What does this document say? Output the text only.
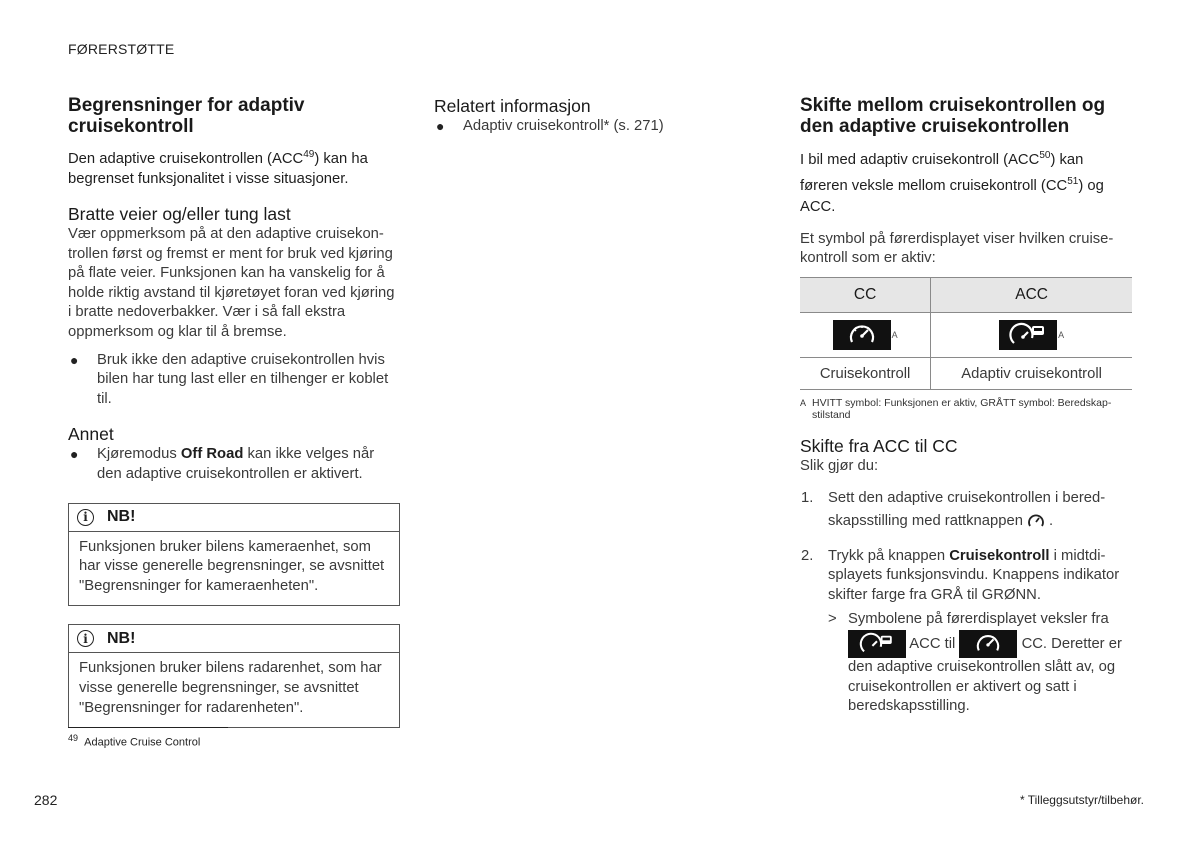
FØRERSTØTTE
Begrensninger for adaptiv cruisekontroll

Den adaptive cruisekontrollen (ACC$^{49}$) kan ha begrenset funksjonalitet i visse situasjoner.

Bratte veier og/eller tung last

Vær oppmerksom på at den adaptive cruisekontrollen først og fremst er ment for bruk ved kjøring på flate veier. Funksjonen kan ha vanskelig for å holde riktig avstand til kjøretøyet foran ved kjøring i bratte nedoverbakker. Vær i så fall ekstra oppmerksom og klar til å bremse.

● Bruk ikke den adaptive cruisekontrollen hvis bilen har tung last eller en tilhenger er koblet til.
Annet
● Kjøremodus Off Road kan ikke velges når den adaptive cruisekontrollen er aktivert.
i	NB!
Funksjonen bruker bilens kameraenhet, som har visse generelle begrensninger, se avsnittet "Begrensninger for kameraenheten".
i	NB!
Funksjonen bruker bilens radarenhet, som har visse generelle begrensninger, se avsnittet "Begrensninger for radarenheten".
$^{49}$ Adaptive Cruise Control
Relatert informasjon
● Adaptiv cruisekontroll* (s. 271)
Skifte mellom cruisekontrollen og den adaptive cruisekontrollen

I bil med adaptiv cruisekontroll (ACC$^{50}$) kan føreren veksle mellom cruisekontroll (CC$^{51}$) og ACC.

Et symbol på førerdisplayet viser hvilken cruisekontroll som er aktiv:

CC	ACC

A	A
Cruisekontroll	Adaptiv cruisekontroll
A HVITT symbol: Funksjonen er aktiv, GRÅTT symbol: Beredskapstilstand
Skifte fra ACC til CC

Slik gjør du:

1. Sett den adaptive cruisekontrollen i beredskapsstilling med rattknappen .
2. Trykk på knappen Cruisekontroll i midtdisplayets funksjonsvindu. Knappens indikator skifter farge fra GRÅ til GRØNN.
> Symbolene på førerdisplayet veksler fra

ACC til	CC. Deretter er den adaptive cruisekontrollen slått av, og cruisekontrollen er aktivert og satt i beredskapsstilling.
282	* Tilleggsutstyr/tilbehør.
